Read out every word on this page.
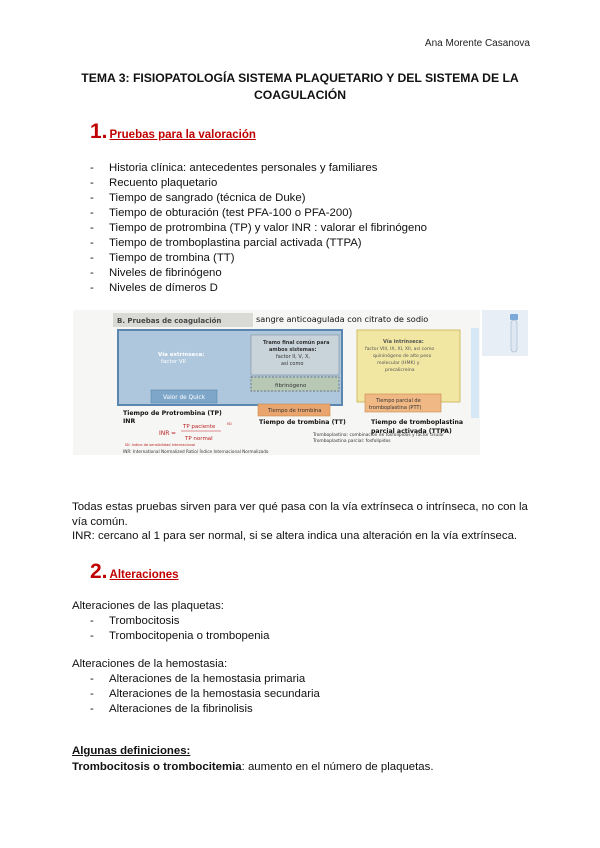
Ana Morente Casanova
TEMA 3: FISIOPATOLOGÍA SISTEMA PLAQUETARIO Y DEL SISTEMA DE LA COAGULACIÓN
1. Pruebas para la valoración
- Historia clínica: antecedentes personales y familiares
- Recuento plaquetario
- Tiempo de sangrado (técnica de Duke)
- Tiempo de obturación (test PFA-100 o PFA-200)
- Tiempo de protrombina (TP) y valor INR : valorar el fibrinógeno
- Tiempo de tromboplastina parcial activada (TTPA)
- Tiempo de trombina (TT)
- Niveles de fibrinógeno
- Niveles de dímeros D
B. Pruebas de coagulación	sangre anticoagulada con citrato de sodio
Vía extrínseca:
factor VII
Tramo final común para
ambos sistemas:
factor II, V, X,
así como
fibrinógeno
Valor de Quick
Vía intrínseca:
factor VIII, IX, XI, XII, así como
quininógeno de alto peso
molecular (HMK) y
precalicreína
Tiempo parcial de
tromboplastina (PTT)
Tiempo de trombina
Tiempo de Protrombina (TP)
INR	Tiempo de trombina (TT)	Tiempo de tromboplastina
parcial activada (TTPA)
INR =
TP paciente
TP normal
ISI
ISI: índice de sensibilidad internacional
Tromboplastina: combinación de fosfolípidos y factor tisular
Tromboplastina parcial: fosfolípidos
INR: International Normalized Ratio/ Índice Internacional Normalizado
Todas estas pruebas sirven para ver qué pasa con la vía extrínseca o intrínseca, no con la vía común.
INR: cercano al 1 para ser normal, si se altera indica una alteración en la vía extrínseca.
2. Alteraciones
Alteraciones de las plaquetas:
- Trombocitosis
- Trombocitopenia o trombopenia
Alteraciones de la hemostasia:
- Alteraciones de la hemostasia primaria
- Alteraciones de la hemostasia secundaria
- Alteraciones de la fibrinolisis
Algunas definiciones:
Trombocitosis o trombocitemia: aumento en el número de plaquetas.
